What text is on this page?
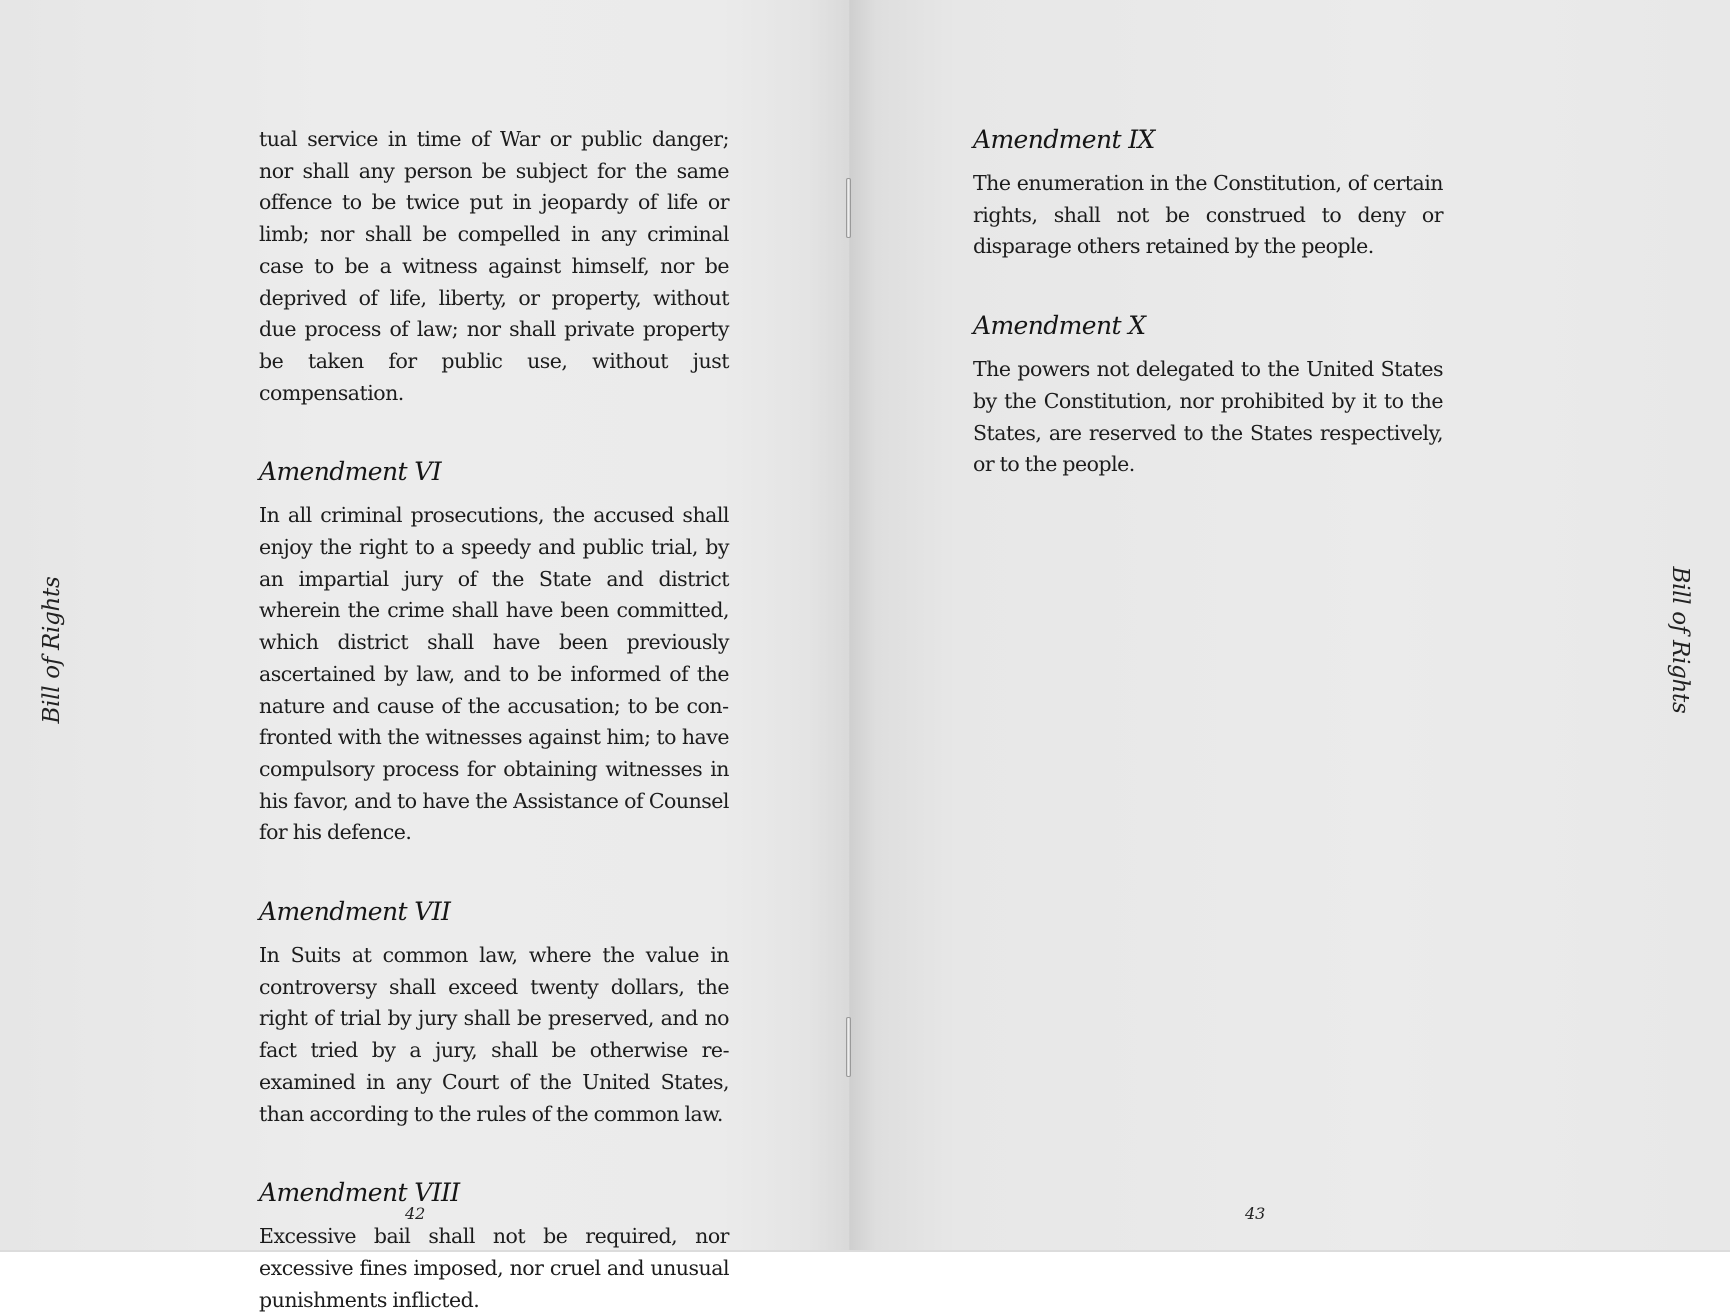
Bill of Rights

tual service in time of War or public danger; nor shall any person be subject for the same offence to be twice put in jeopardy of life or limb; nor shall be compelled in any criminal case to be a witness against himself, nor be deprived of life, liberty, or property, without due process of law; nor shall private property be taken for public use, without just compensation.

Amendment VI

In all criminal prosecutions, the accused shall enjoy the right to a speedy and public trial, by an impartial jury of the State and district wherein the crime shall have been committed, which district shall have been previously ascertained by law, and to be informed of the nature and cause of the accusation; to be confronted with the witnesses against him; to have compulsory process for obtaining witnesses in his favor, and to have the Assistance of Counsel for his defence.

Amendment VII

In Suits at common law, where the value in controversy shall exceed twenty dollars, the right of trial by jury shall be preserved, and no fact tried by a jury, shall be otherwise re-examined in any Court of the United States, than according to the rules of the common law.

Amendment VIII

Excessive bail shall not be required, nor excessive fines imposed, nor cruel and unusual punishments inflicted.

42
Amendment IX

The enumeration in the Constitution, of certain rights, shall not be construed to deny or disparage others retained by the people.

Amendment X

The powers not delegated to the United States by the Constitution, nor prohibited by it to the States, are reserved to the States respectively, or to the people.

Bill of Rights
43
